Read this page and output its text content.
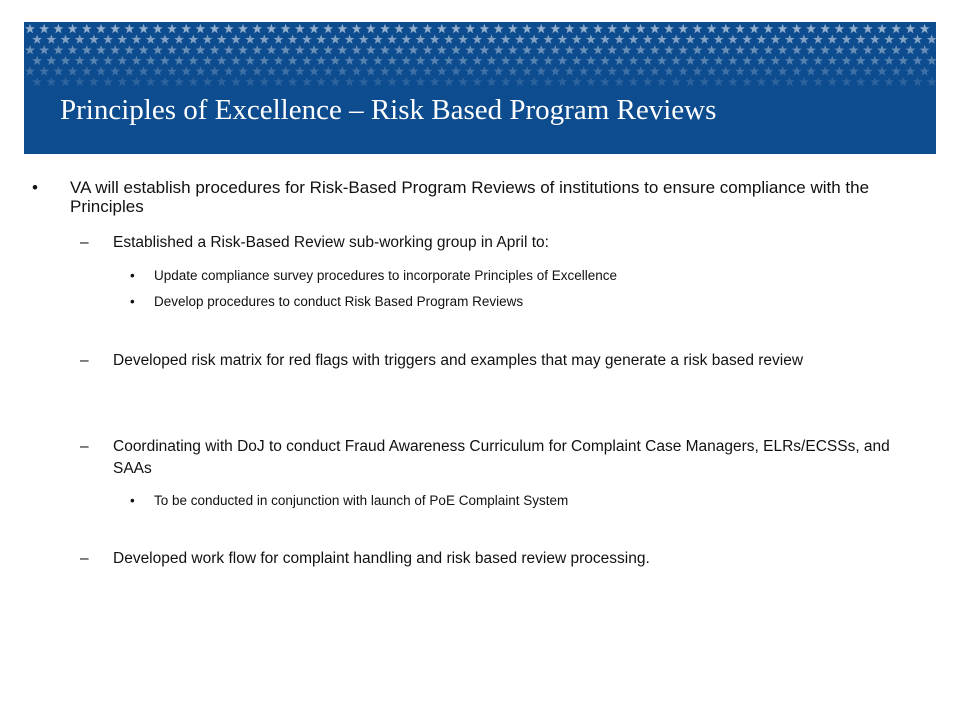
Principles of Excellence – Risk Based Program Reviews
• VA will establish procedures for Risk-Based Program Reviews of institutions to ensure compliance with the Principles
– Established a Risk-Based Review sub-working group in April to:
• Update compliance survey procedures to incorporate Principles of Excellence
• Develop procedures to conduct Risk Based Program Reviews
– Developed risk matrix for red flags with triggers and examples that may generate a risk based review
– Coordinating with DoJ to conduct Fraud Awareness Curriculum for Complaint Case Managers, ELRs/ECSSs, and SAAs
• To be conducted in conjunction with launch of PoE Complaint System
– Developed work flow for complaint handling and risk based review processing.
